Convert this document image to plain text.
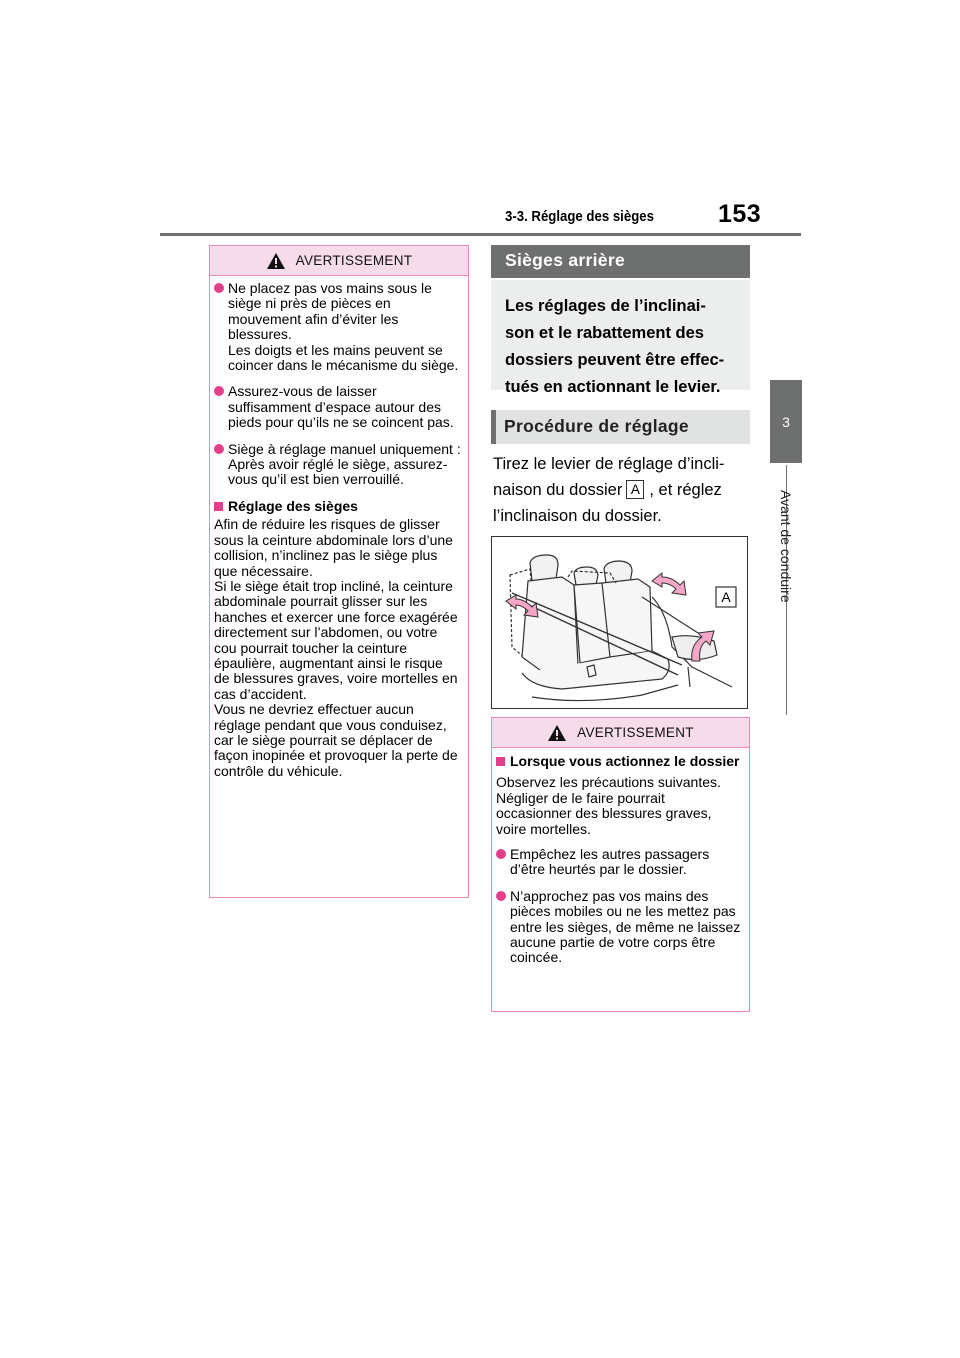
3-3. Réglage des sièges	153
3
Avant de conduire
AVERTISSEMENT
Ne placez pas vos mains sous le siège ni près de pièces en mouvement afin d’éviter les blessures.
Les doigts et les mains peuvent se coincer dans le mécanisme du siège.
Assurez-vous de laisser suffisamment d’espace autour des pieds pour qu’ils ne se coincent pas.
Siège à réglage manuel uniquement : Après avoir réglé le siège, assurez-vous qu’il est bien verrouillé.
Réglage des sièges
Afin de réduire les risques de glisser sous la ceinture abdominale lors d’une collision, n’inclinez pas le siège plus que nécessaire.
Si le siège était trop incliné, la ceinture abdominale pourrait glisser sur les hanches et exercer une force exagérée directement sur l’abdomen, ou votre cou pourrait toucher la ceinture épaulière, augmentant ainsi le risque de blessures graves, voire mortelles en cas d’accident.
Vous ne devriez effectuer aucun réglage pendant que vous conduisez, car le siège pourrait se déplacer de façon inopinée et provoquer la perte de contrôle du véhicule.
Sièges arrière
Les réglages de l’inclinai-
son et le rabattement des
dossiers peuvent être effec-
tués en actionnant le levier.
Procédure de réglage
Tirez le levier de réglage d’incli-naison du dossier A , et réglez l’inclinaison du dossier.
A
AVERTISSEMENT
Lorsque vous actionnez le dossier
Observez les précautions suivantes.
Négliger de le faire pourrait occasionner des blessures graves, voire mortelles.
Empêchez les autres passagers d’être heurtés par le dossier.
N’approchez pas vos mains des pièces mobiles ou ne les mettez pas entre les sièges, de même ne laissez aucune partie de votre corps être coincée.
